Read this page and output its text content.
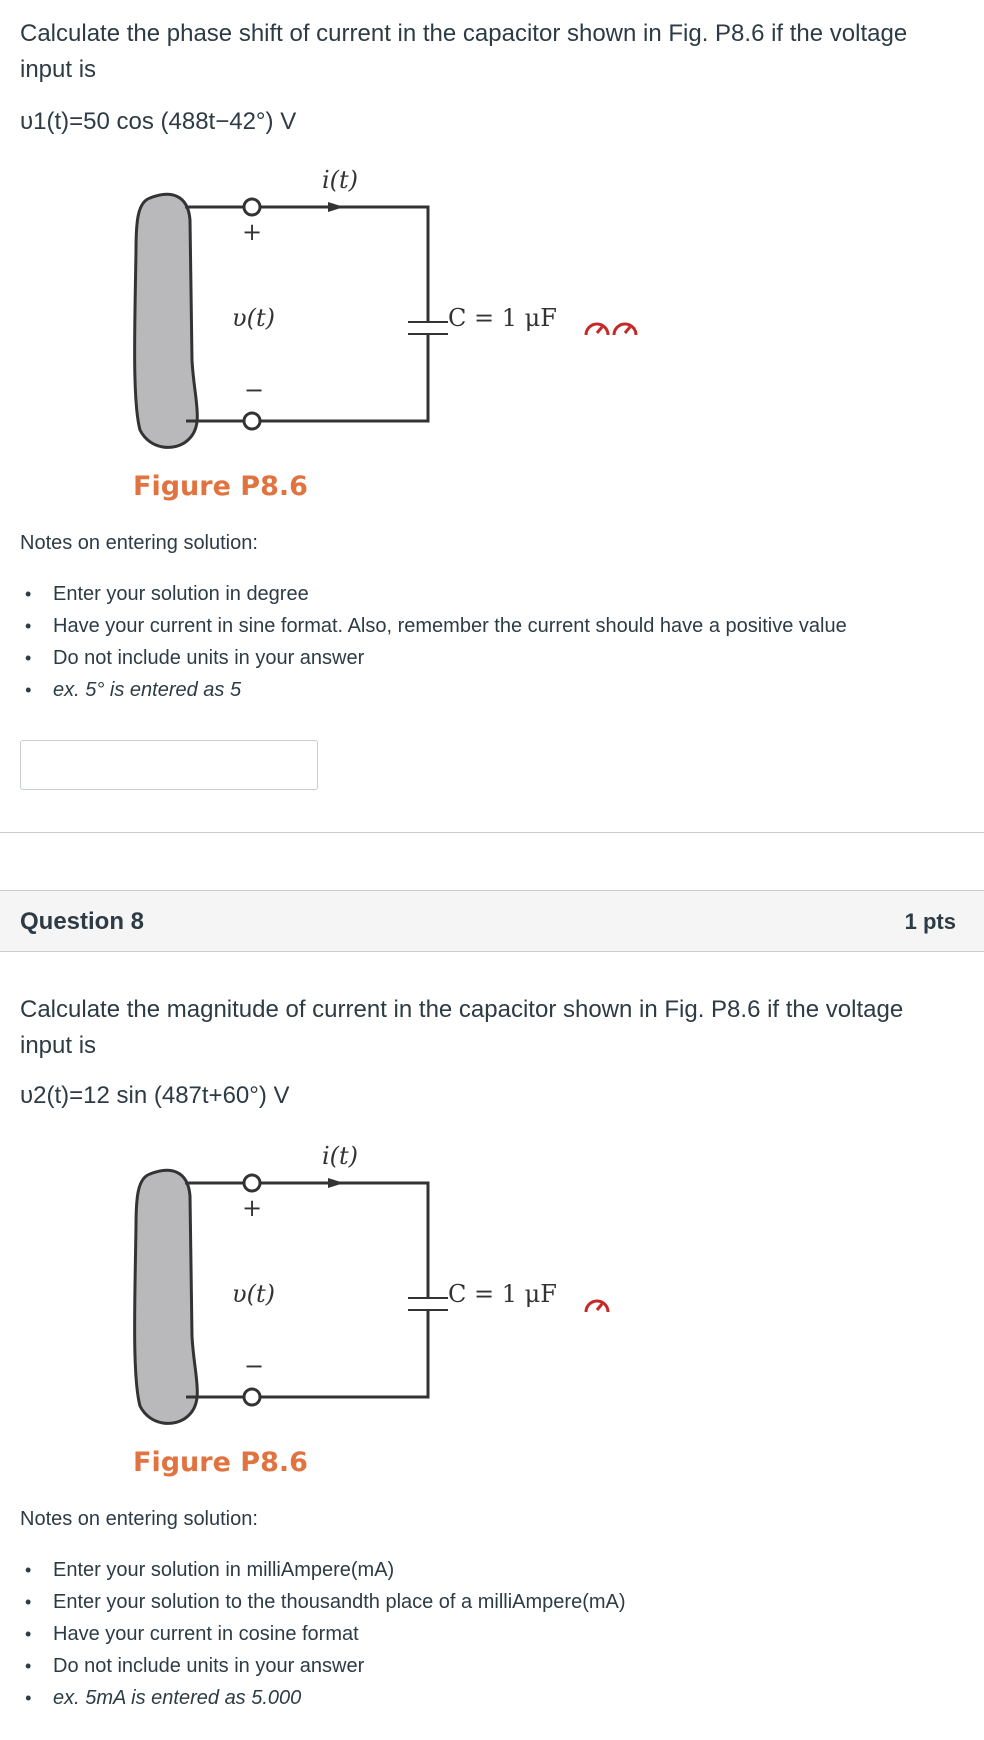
Calculate the phase shift of current in the capacitor shown in Fig. P8.6 if the voltage input is
υ1(t)=50 cos (488t−42°) V
i(t)
C = 1 μF
+
υ(t)
−
Figure P8.6
Notes on entering solution:
• Enter your solution in degree
• Have your current in sine format. Also, remember the current should have a positive value
• Do not include units in your answer
• ex. 5° is entered as 5
Question 8	1 pts
Calculate the magnitude of current in the capacitor shown in Fig. P8.6 if the voltage input is
υ2(t)=12 sin (487t+60°) V
i(t)
C = 1 μF
+
υ(t)
−
Figure P8.6
Notes on entering solution:
• Enter your solution in milliAmpere(mA)
• Enter your solution to the thousandth place of a milliAmpere(mA)
• Have your current in cosine format
• Do not include units in your answer
• ex. 5mA is entered as 5.000
